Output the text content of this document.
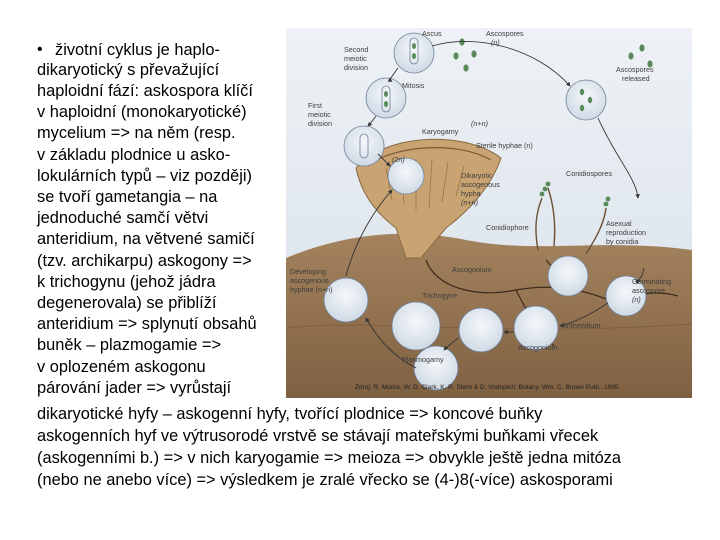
• životní cyklus je haplo-
dikaryotický s převažující
haploidní fází: askospora klíčí
v haploidní (monokaryotické)
mycelium => na něm (resp.
v základu plodnice u asko-
lokulárních typů – viz později)
se tvoří gametangia – na
jednoduché samčí větvi
anteridium, na větvené samičí
(tzv. archikarpu) askogony =>
k trichogynu (jehož jádra
degenerovala) se přiblíží
anteridium => splynutí obsahů
buněk – plazmogamie =>
v oplozeném askogonu
párování jader => vyrůstají
dikaryotické hyfy – askogenní hyfy, tvořící plodnice => koncové buňky
askogenních hyf ve výtrusorodé vrstvě se stávají mateřskými buňkami vřecek
(askogenními b.) => v nich karyogamie => meioza => obvykle ještě jedna mitóza
(nebo ne anebo více) => výsledkem je zralé vřecko se (4-)8(-více) askosporami
Ascus	Ascospores
(n)
Ascospores
released
Second
meiotic
division
Mitosis
First
meiotic
division
Karyogamy
(2n)
(n+n)
Sterile hyphae (n)
Dikaryotic
ascogenous
hypha
(n+n)
Conidiospores
Conidiophore	Asexual
reproduction
by conidia
Developing
ascogenous
hyphae (n+n)
Ascogonium
Trichogyne
Germinating
ascospore
(n)
Antheridium
Plasmogamy
Ascogonium
Zdroj: R. Moore, W. D. Clark, K. R. Stern & D. Vodopich: Botany. Wm. C. Brown Publ., 1995.
